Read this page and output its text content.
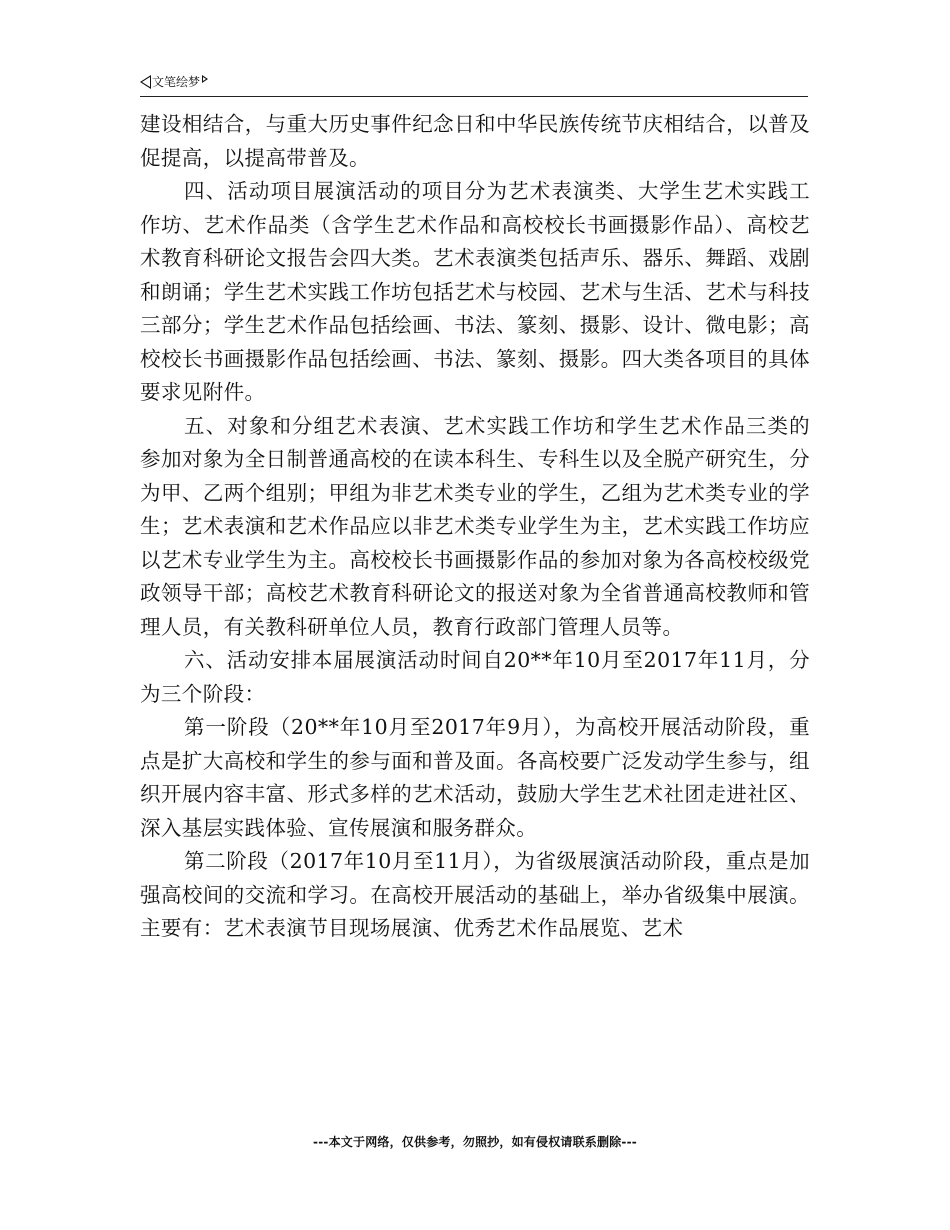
文笔绘梦

建设相结合，与重大历史事件纪念日和中华民族传统节庆相结合，以普及促提高，以提高带普及。

四、活动项目展演活动的项目分为艺术表演类、大学生艺术实践工作坊、艺术作品类（含学生艺术作品和高校校长书画摄影作品）、高校艺术教育科研论文报告会四大类。艺术表演类包括声乐、器乐、舞蹈、戏剧和朗诵；学生艺术实践工作坊包括艺术与校园、艺术与生活、艺术与科技三部分；学生艺术作品包括绘画、书法、篆刻、摄影、设计、微电影；高校校长书画摄影作品包括绘画、书法、篆刻、摄影。四大类各项目的具体要求见附件。

五、对象和分组艺术表演、艺术实践工作坊和学生艺术作品三类的参加对象为全日制普通高校的在读本科生、专科生以及全脱产研究生，分为甲、乙两个组别；甲组为非艺术类专业的学生，乙组为艺术类专业的学生；艺术表演和艺术作品应以非艺术类专业学生为主，艺术实践工作坊应以艺术专业学生为主。高校校长书画摄影作品的参加对象为各高校校级党政领导干部；高校艺术教育科研论文的报送对象为全省普通高校教师和管理人员，有关教科研单位人员，教育行政部门管理人员等。

六、活动安排本届展演活动时间自20**年10月至2017年11月，分为三个阶段：

第一阶段（20**年10月至2017年9月），为高校开展活动阶段，重点是扩大高校和学生的参与面和普及面。各高校要广泛发动学生参与，组织开展内容丰富、形式多样的艺术活动，鼓励大学生艺术社团走进社区、深入基层实践体验、宣传展演和服务群众。

第二阶段（2017年10月至11月），为省级展演活动阶段，重点是加强高校间的交流和学习。在高校开展活动的基础上，举办省级集中展演。主要有：艺术表演节目现场展演、优秀艺术作品展览、艺术

---本文于网络，仅供参考，勿照抄，如有侵权请联系删除---
